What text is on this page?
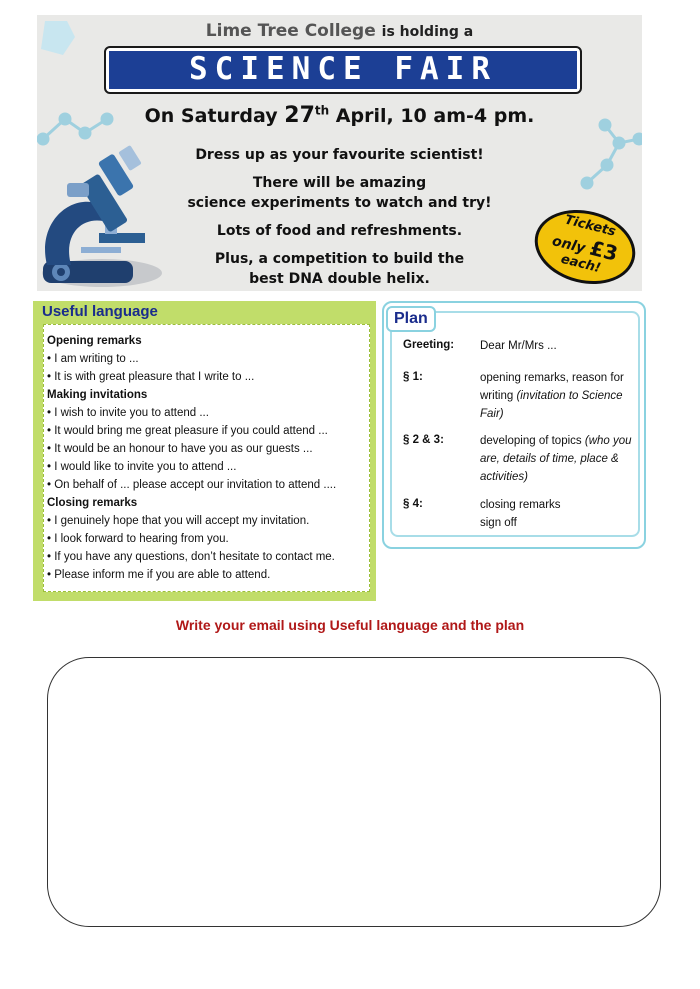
Lime Tree College is holding a
SCIENCE FAIR
On Saturday 27th April, 10 am-4 pm.
Dress up as your favourite scientist!
There will be amazing
science experiments to watch and try!
Lots of food and refreshments.
Plus, a competition to build the
best DNA double helix.
Tickets
only £3
each!
Useful language
Opening remarks
• I am writing to ...
• It is with great pleasure that I write to ...
Making invitations
• I wish to invite you to attend ...
• It would bring me great pleasure if you could attend ...
• It would be an honour to have you as our guests ...
• I would like to invite you to attend ...
• On behalf of ... please accept our invitation to attend ....
Closing remarks
• I genuinely hope that you will accept my invitation.
• I look forward to hearing from you.
• If you have any questions, don’t hesitate to contact me.
• Please inform me if you are able to attend.
Plan
Greeting: Dear Mr/Mrs ...
§ 1:	opening remarks, reason for writing (invitation to Science Fair)
§ 2 & 3:	developing of topics (who you are, details of time, place & activities)
§ 4:	closing remarks
sign off
Write your email using Useful language and the plan
